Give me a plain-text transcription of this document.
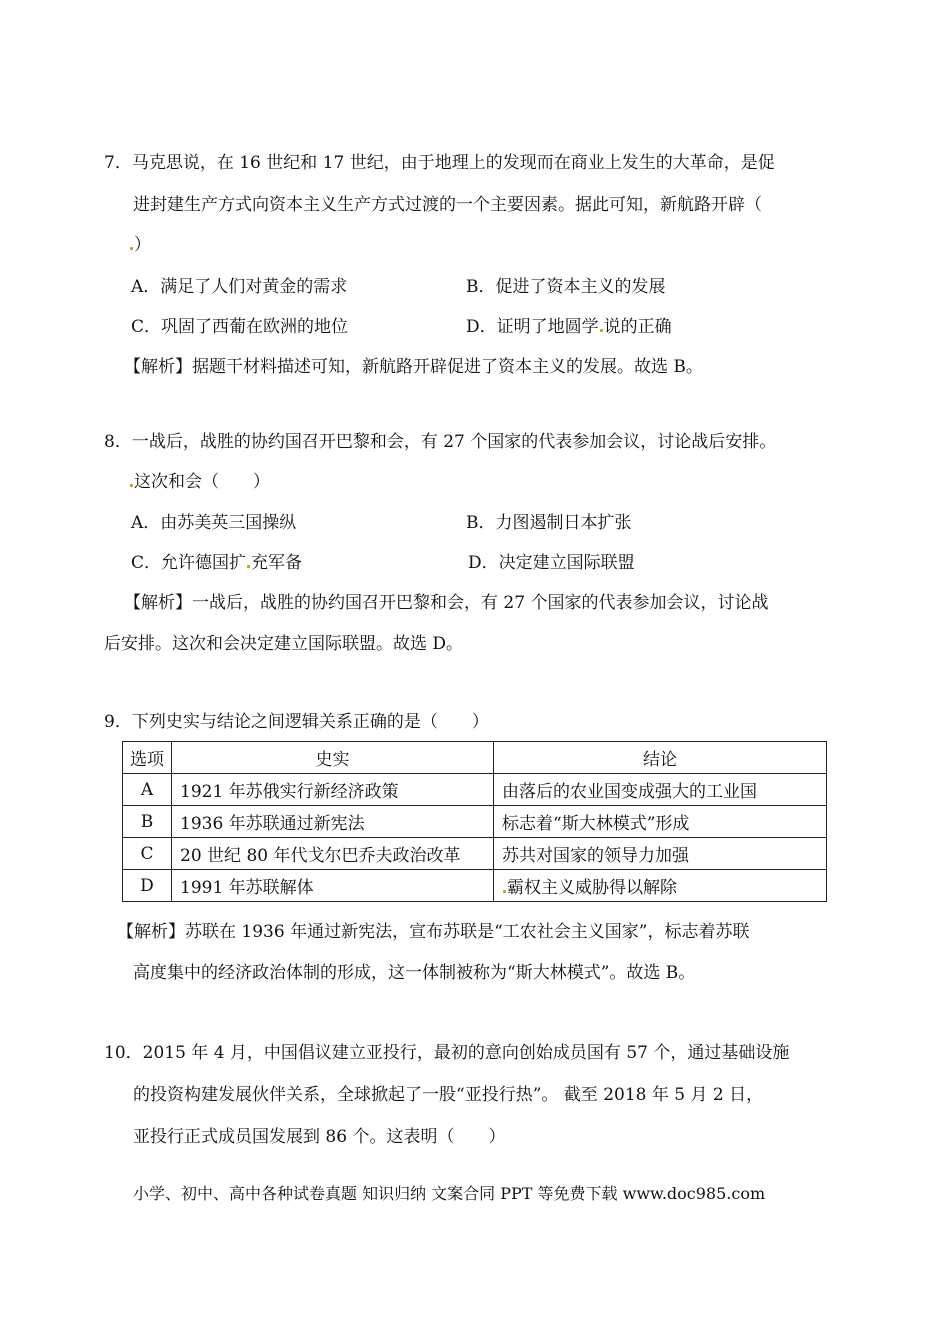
7．马克思说，在 16 世纪和 17 世纪，由于地理上的发现而在商业上发生的大革命，是促
进封建生产方式向资本主义生产方式过渡的一个主要因素。据此可知，新航路开辟（
）
A．满足了人们对黄金的需求	B．促进了资本主义的发展
C．巩固了西葡在欧洲的地位	D．证明了地圆学 说的正确
【解析】据题干材料描述可知，新航路开辟促进了资本主义的发展。故选 B。
8．一战后，战胜的协约国召开巴黎和会，有 27 个国家的代表参加会议，讨论战后安排。
这次和会（　　）
A．由苏美英三国操纵	B．力图遏制日本扩张
C．允许德国扩 充军备	D．决定建立国际联盟
【解析】一战后，战胜的协约国召开巴黎和会，有 27 个国家的代表参加会议，讨论战
后安排。这次和会决定建立国际联盟。故选 D。
9．下列史实与结论之间逻辑关系正确的是（　　）
选项	史实	结论
A	1921 年苏俄实行新经济政策	由落后的农业国变成强大的工业国
B	1936 年苏联通过新宪法	标志着“斯大林模式”形成
C	20 世纪 80 年代戈尔巴乔夫政治改革	苏共对国家的领导力加强
D	1991 年苏联解体	霸权主义威胁得以解除
【解析】苏联在 1936 年通过新宪法，宣布苏联是“工农社会主义国家”，标志着苏联
高度集中的经济政治体制的形成，这一体制被称为“斯大林模式”。故选 B。
10．2015 年 4 月，中国倡议建立亚投行，最初的意向创始成员国有 57 个，通过基础设施
的投资构建发展伙伴关系，全球掀起了一股“亚投行热”。 截至 2018 年 5 月 2 日，
亚投行正式成员国发展到 86 个。这表明（　　）
小学、初中、高中各种试卷真题 知识归纳 文案合同 PPT 等免费下载 www.doc985.com
